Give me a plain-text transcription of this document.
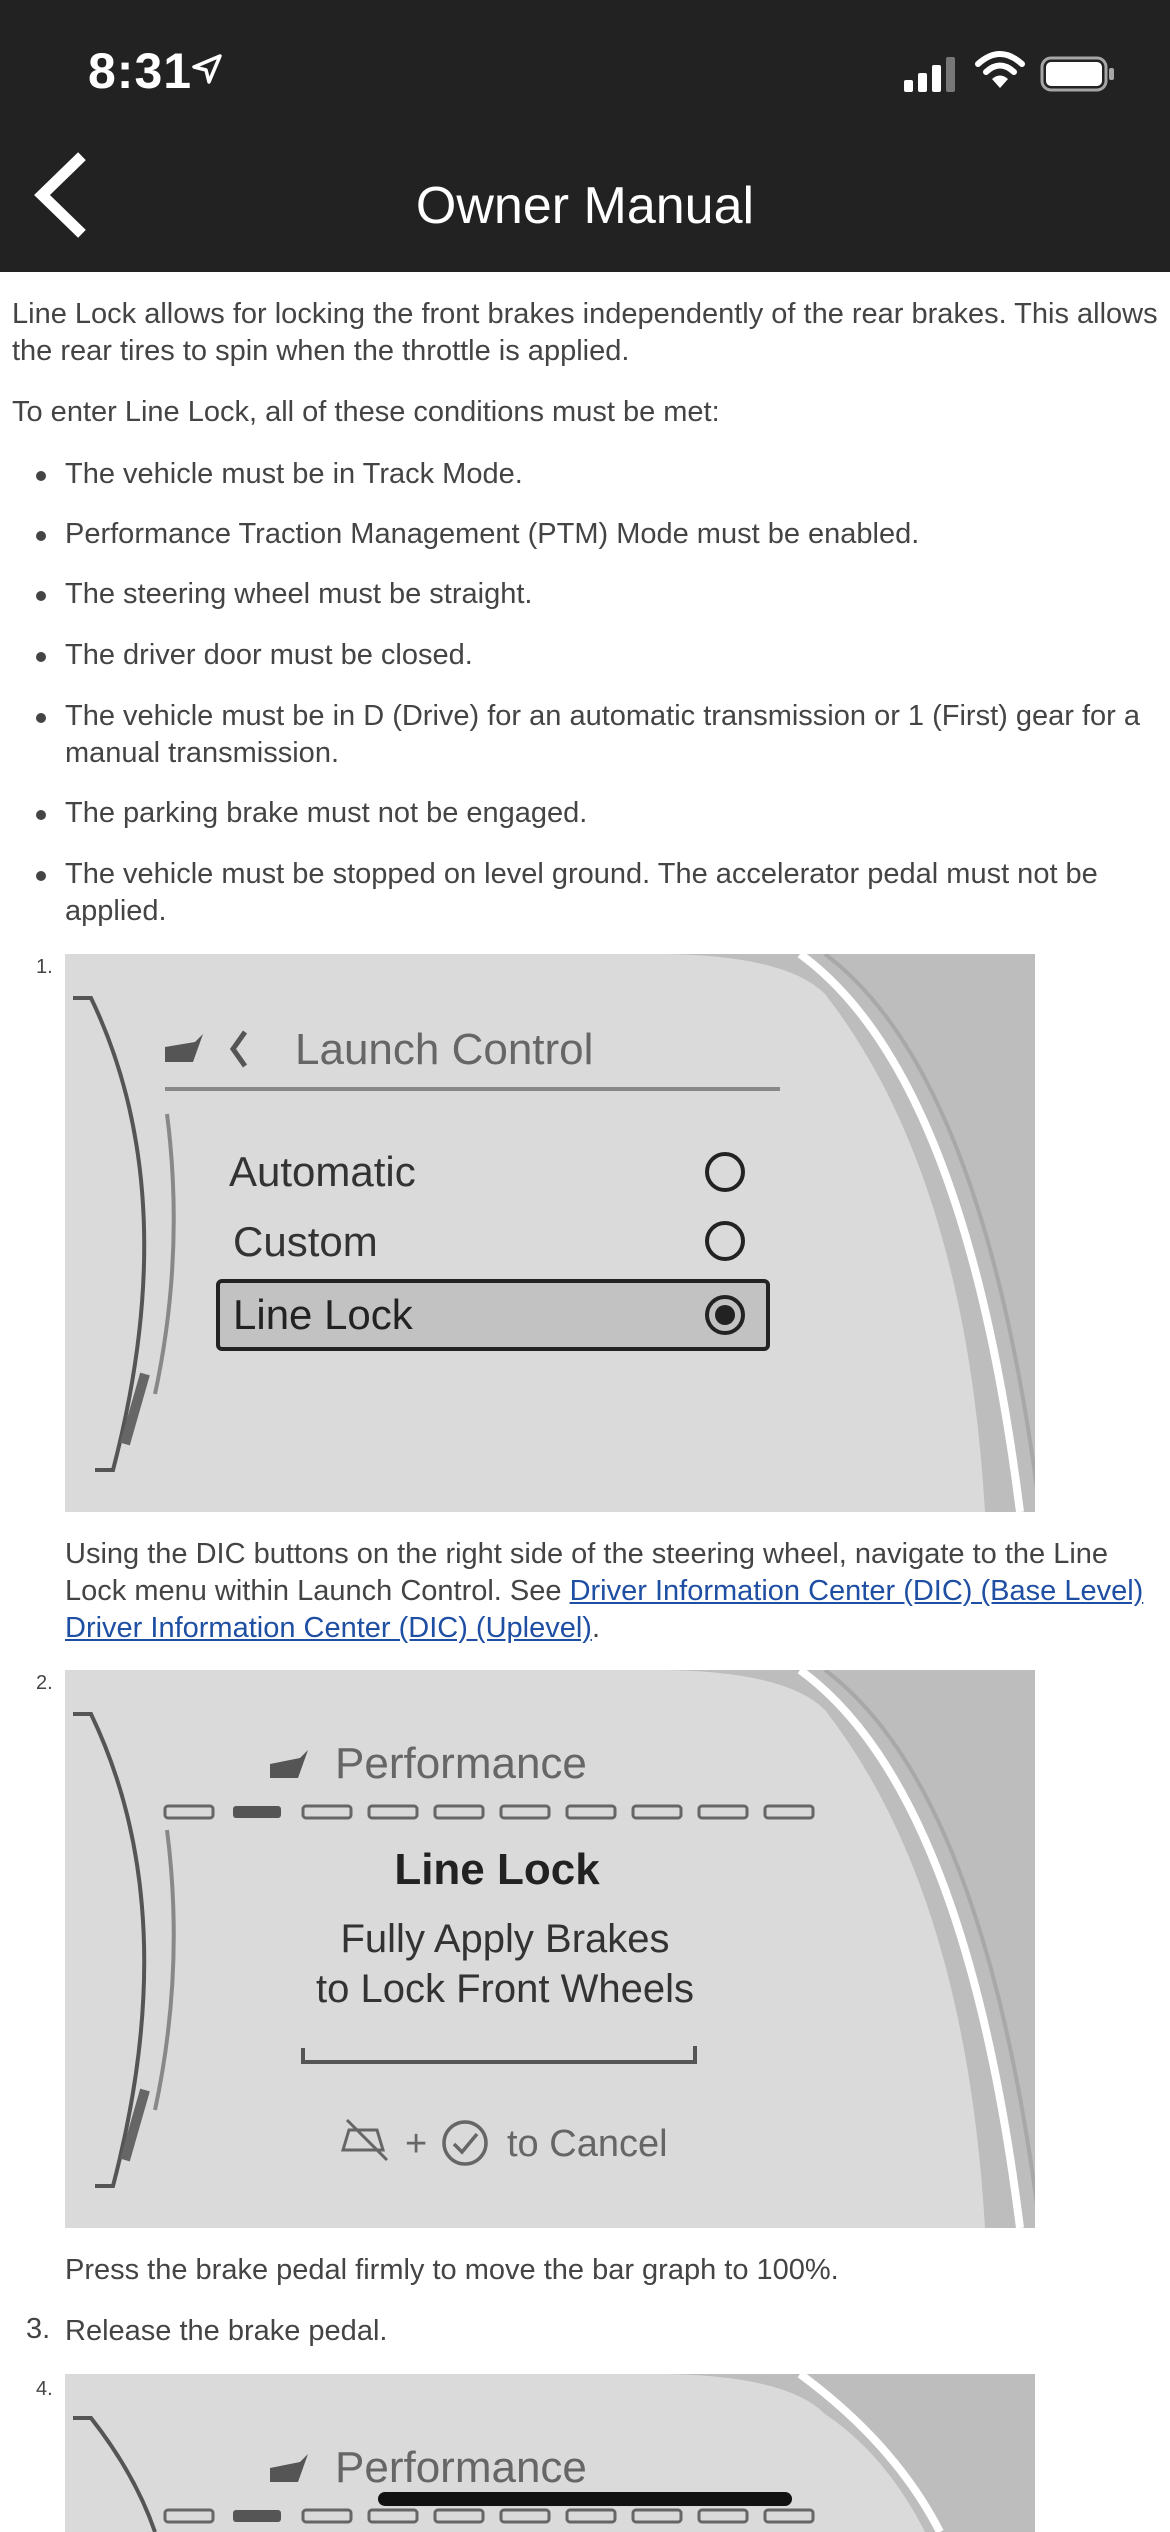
8:31
Owner Manual
Line Lock allows for locking the front brakes independently of the rear brakes. This allows the rear tires to spin when the throttle is applied.
To enter Line Lock, all of these conditions must be met:
The vehicle must be in Track Mode.
Performance Traction Management (PTM) Mode must be enabled.
The steering wheel must be straight.
The driver door must be closed.
The vehicle must be in D (Drive) for an automatic transmission or 1 (First) gear for a manual transmission.
The parking brake must not be engaged.
The vehicle must be stopped on level ground. The accelerator pedal must not be applied.
1.
Launch Control
Automatic
Custom
Line Lock
Using the DIC buttons on the right side of the steering wheel, navigate to the Line Lock menu within Launch Control. See Driver Information Center (DIC) (Base Level) Driver Information Center (DIC) (Uplevel).
2.
+
Performance
Line Lock
Fully Apply Brakes
to Lock Front Wheels
to Cancel
Press the brake pedal firmly to move the bar graph to 100%.
3. Release the brake pedal.
4.
Performance
